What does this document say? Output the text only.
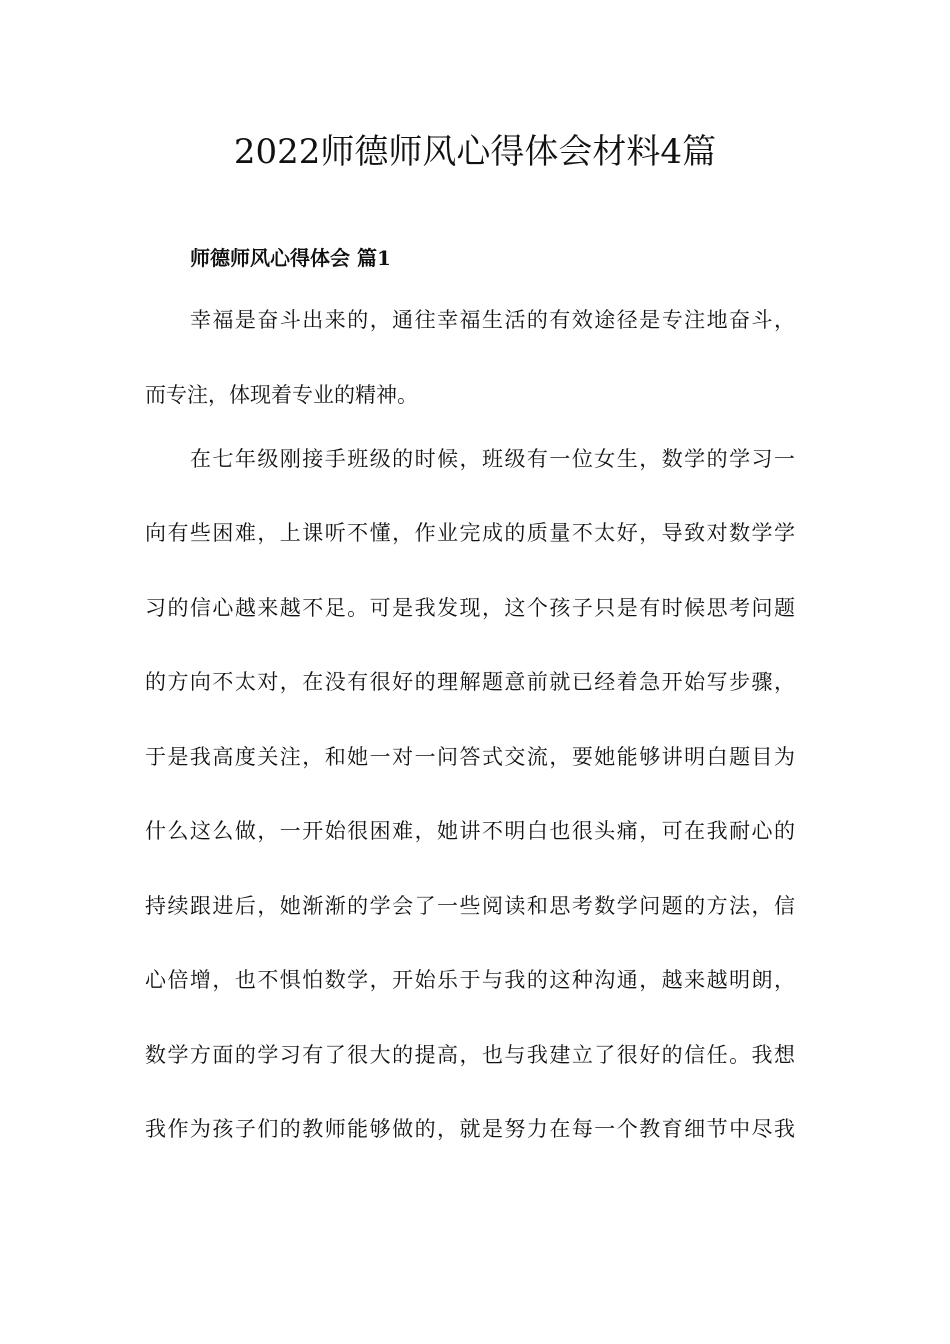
2022师德师风心得体会材料4篇
师德师风心得体会 篇1
幸福是奋斗出来的，通往幸福生活的有效途径是专注地奋斗，
而专注，体现着专业的精神。
在七年级刚接手班级的时候，班级有一位女生，数学的学习一
向有些困难，上课听不懂，作业完成的质量不太好，导致对数学学
习的信心越来越不足。可是我发现，这个孩子只是有时候思考问题
的方向不太对，在没有很好的理解题意前就已经着急开始写步骤，
于是我高度关注，和她一对一问答式交流，要她能够讲明白题目为
什么这么做，一开始很困难，她讲不明白也很头痛，可在我耐心的
持续跟进后，她渐渐的学会了一些阅读和思考数学问题的方法，信
心倍增，也不惧怕数学，开始乐于与我的这种沟通，越来越明朗，
数学方面的学习有了很大的提高，也与我建立了很好的信任。我想
我作为孩子们的教师能够做的，就是努力在每一个教育细节中尽我
